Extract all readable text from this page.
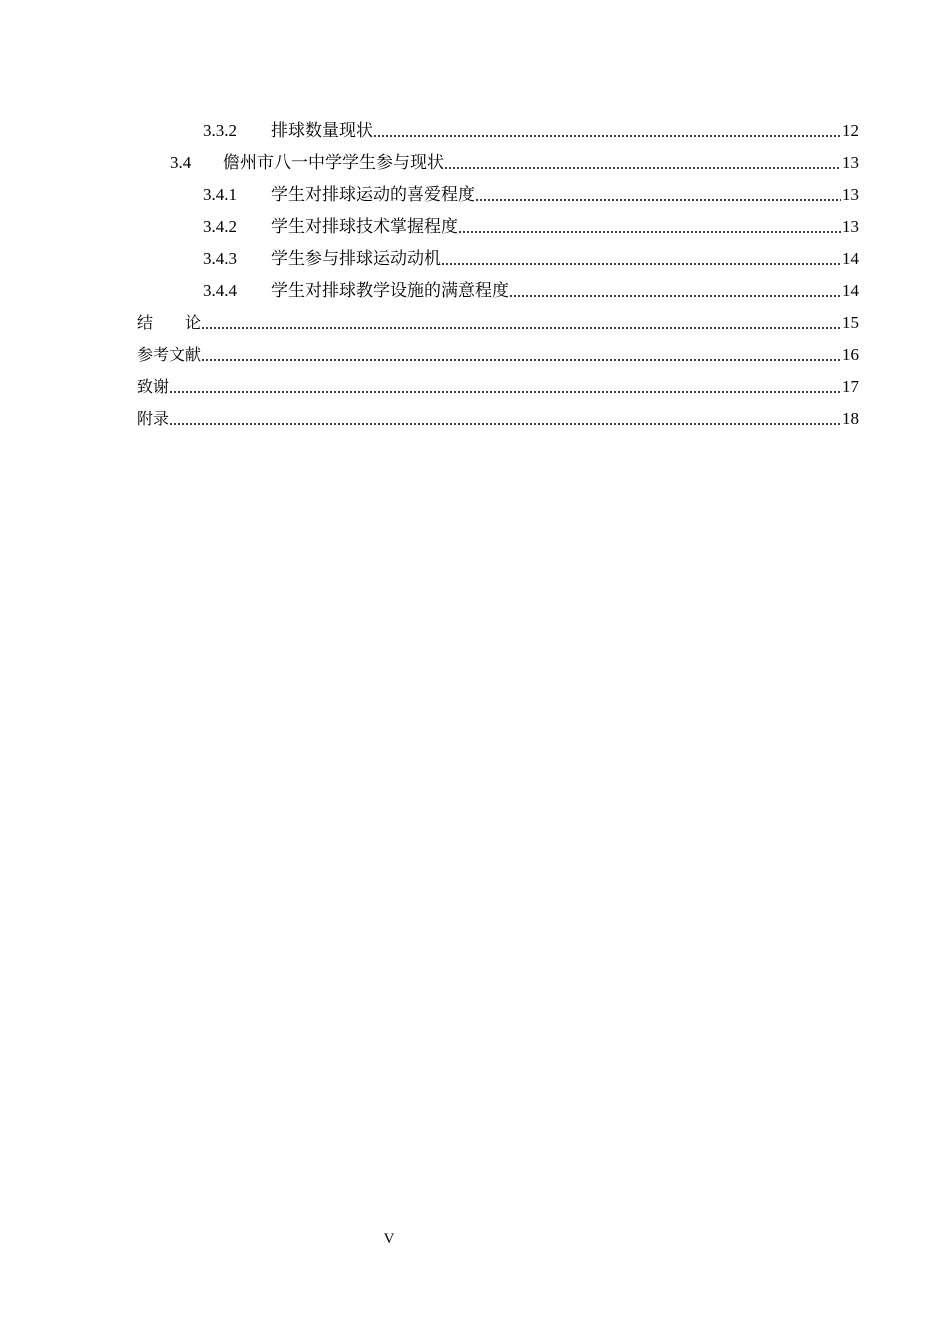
3.3.2	排球数量现状	12
3.4	儋州市八一中学学生参与现状	13
3.4.1	学生对排球运动的喜爱程度	13
3.4.2	学生对排球技术掌握程度	13
3.4.3	学生参与排球运动动机	14
3.4.4	学生对排球教学设施的满意程度	14
结　　论	15
参考文献	16
致谢	17
附录	18
V
